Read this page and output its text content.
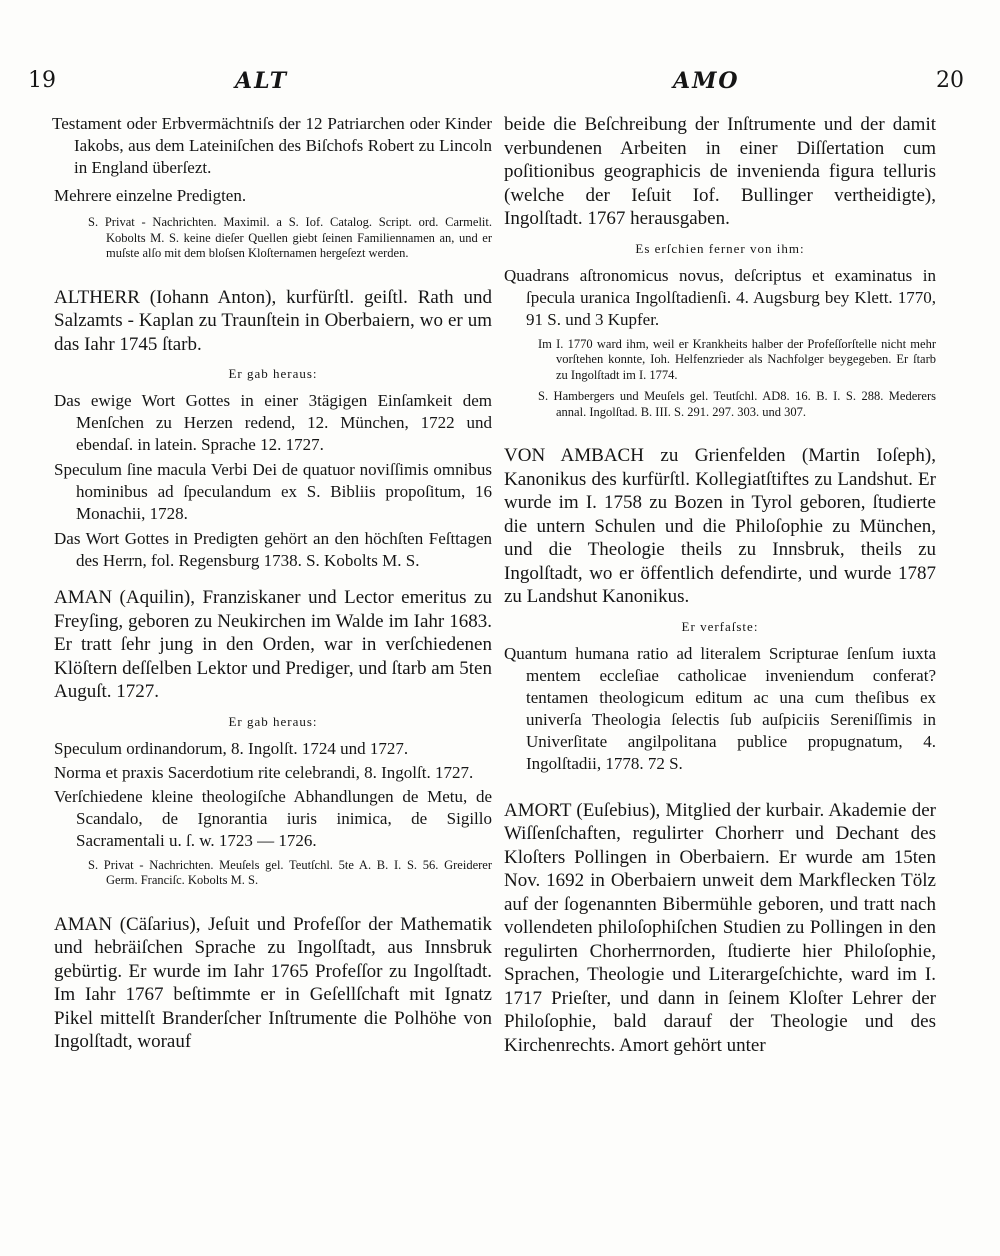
19	ALT	AMO	20

Testament oder Erbvermächtniſs der 12 Patriarchen oder Kinder Iakobs, aus dem Lateiniſchen des Biſchofs Robert zu Lincoln in England überſezt.

Mehrere einzelne Predigten.

S. Privat - Nachrichten. Maximil. a S. Iof. Catalog. Script. ord. Carmelit. Kobolts M. S. keine dieſer Quellen giebt ſeinen Familiennamen an, und er muſste alſo mit dem bloſsen Kloſternamen hergeſezt werden.

ALTHERR (Iohann Anton), kurfürſtl. geiſtl. Rath und Salzamts - Kaplan zu Traunſtein in Oberbaiern, wo er um das Iahr 1745 ſtarb.

Er gab heraus:

Das ewige Wort Gottes in einer 3tägigen Einſamkeit dem Menſchen zu Herzen redend, 12. München, 1722 und ebendaſ. in latein. Sprache 12. 1727.

Speculum ſine macula Verbi Dei de quatuor noviſſimis omnibus hominibus ad ſpeculandum ex S. Bibliis propoſitum, 16 Monachii, 1728.

Das Wort Gottes in Predigten gehört an den höchſten Feſttagen des Herrn, fol. Regensburg 1738. S. Kobolts M. S.

AMAN (Aquilin), Franziskaner und Lector emeritus zu Freyſing, geboren zu Neukirchen im Walde im Iahr 1683. Er tratt ſehr jung in den Orden, war in verſchiedenen Klöſtern deſſelben Lektor und Prediger, und ſtarb am 5ten Auguſt. 1727.

Er gab heraus:

Speculum ordinandorum, 8. Ingolſt. 1724 und 1727.

Norma et praxis Sacerdotium rite celebrandi, 8. Ingolſt. 1727.

Verſchiedene kleine theologiſche Abhandlungen de Metu, de Scandalo, de Ignorantia iuris inimica, de Sigillo Sacramentali u. ſ. w. 1723 — 1726.

S. Privat - Nachrichten. Meuſels gel. Teutſchl. 5te A. B. I. S. 56. Greiderer Germ. Franciſc. Kobolts M. S.

AMAN (Cäſarius), Jeſuit und Profeſſor der Mathematik und hebräiſchen Sprache zu Ingolſtadt, aus Innsbruk gebürtig. Er wurde im Iahr 1765 Profeſſor zu Ingolſtadt. Im Iahr 1767 beſtimmte er in Geſellſchaft mit Ignatz Pikel mittelſt Branderſcher Inſtrumente die Polhöhe von Ingolſtadt, worauf

beide die Beſchreibung der Inſtrumente und der damit verbundenen Arbeiten in einer Diſſertation cum poſitionibus geographicis de invenienda figura telluris (welche der Ieſuit Iof. Bullinger vertheidigte), Ingolſtadt. 1767 herausgaben.

Es erſchien ferner von ihm:

Quadrans aſtronomicus novus, deſcriptus et examinatus in ſpecula uranica Ingolſtadienſi. 4. Augsburg bey Klett. 1770, 91 S. und 3 Kupfer.

Im I. 1770 ward ihm, weil er Krankheits halber der Profeſſorſtelle nicht mehr vorſtehen konnte, Ioh. Helfenzrieder als Nachfolger beygegeben. Er ſtarb zu Ingolſtadt im I. 1774.

S. Hambergers und Meuſels gel. Teutſchl. AD8. 16. B. I. S. 288. Mederers annal. Ingolſtad. B. III. S. 291. 297. 303. und 307.

VON AMBACH zu Grienfelden (Martin Ioſeph), Kanonikus des kurfürſtl. Kollegiatſtiftes zu Landshut. Er wurde im I. 1758 zu Bozen in Tyrol geboren, ſtudierte die untern Schulen und die Philoſophie zu München, und die Theologie theils zu Innsbruk, theils zu Ingolſtadt, wo er öffentlich defendirte, und wurde 1787 zu Landshut Kanonikus.

Er verfaſste:

Quantum humana ratio ad literalem Scripturae ſenſum iuxta mentem eccleſiae catholicae inveniendum conferat? tentamen theologicum editum ac una cum theſibus ex univerſa Theologia ſelectis ſub auſpiciis Sereniſſimis in Univerſitate angilpolitana publice propugnatum, 4. Ingolſtadii, 1778. 72 S.

AMORT (Euſebius), Mitglied der kurbair. Akademie der Wiſſenſchaften, regulirter Chorherr und Dechant des Kloſters Pollingen in Oberbaiern. Er wurde am 15ten Nov. 1692 in Oberbaiern unweit dem Markflecken Tölz auf der ſogenannten Bibermühle geboren, und tratt nach vollendeten philoſophiſchen Studien zu Pollingen in den regulirten Chorherrnorden, ſtudierte hier Philoſophie, Sprachen, Theologie und Literargeſchichte, ward im I. 1717 Prieſter, und dann in ſeinem Kloſter Lehrer der Philoſophie, bald darauf der Theologie und des Kirchenrechts. Amort gehört unter
